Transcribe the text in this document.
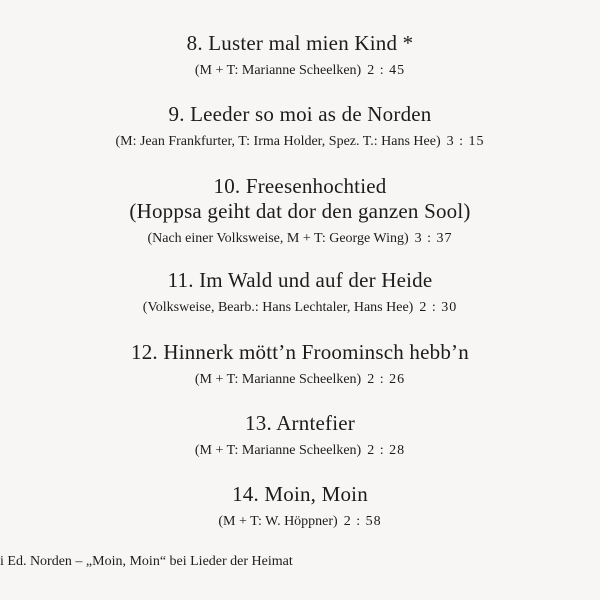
8. Luster mal mien Kind *
(M + T: Marianne Scheelken) 2 : 45
9. Leeder so moi as de Norden
(M: Jean Frankfurter, T: Irma Holder, Spez. T.: Hans Hee) 3 : 15
10. Freesenhochtied
(Hoppsa geiht dat dor den ganzen Sool)
(Nach einer Volksweise, M + T: George Wing) 3 : 37
11. Im Wald und auf der Heide
(Volksweise, Bearb.: Hans Lechtaler, Hans Hee) 2 : 30
12. Hinnerk mött’n Froominsch hebb’n
(M + T: Marianne Scheelken) 2 : 26
13. Arntefier
(M + T: Marianne Scheelken) 2 : 28
14. Moin, Moin
(M + T: W. Höppner) 2 : 58
i Ed. Norden – „Moin, Moin“ bei Lieder der Heimat
